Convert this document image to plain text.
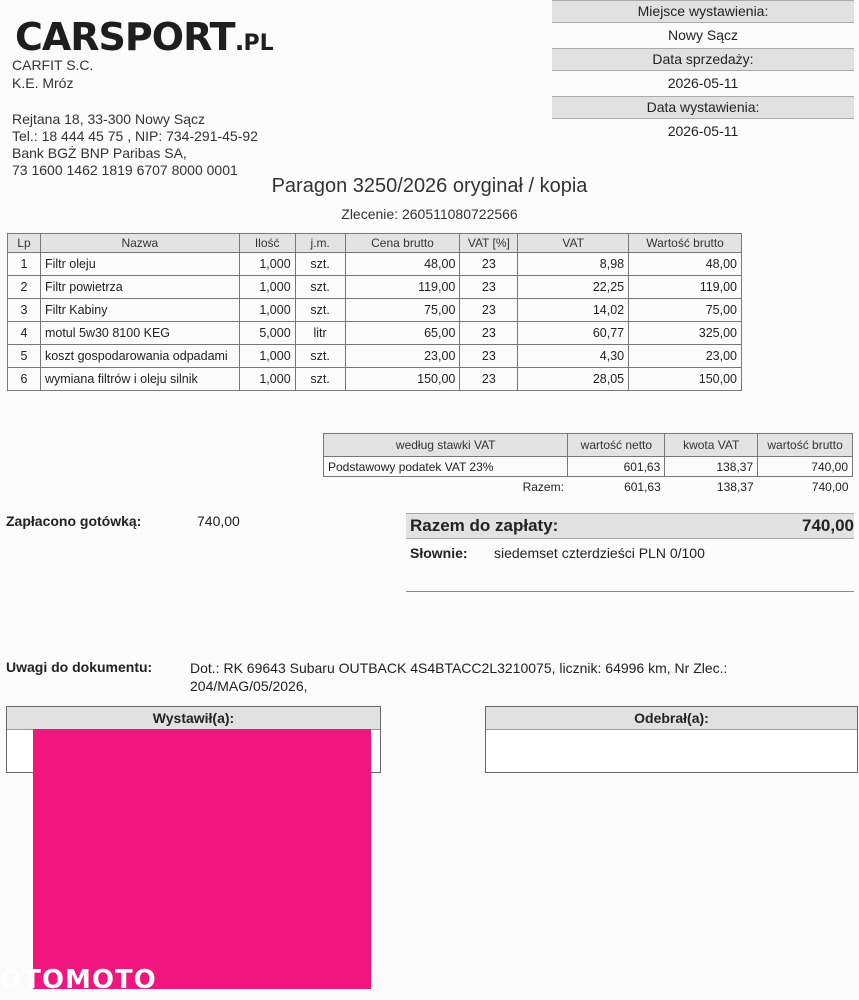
CARSPORT.PL
CARFIT S.C.
K.E. Mróz
Rejtana 18, 33-300 Nowy Sącz
Tel.: 18 444 45 75 , NIP: 734-291-45-92
Bank BGŻ BNP Paribas SA,
73 1600 1462 1819 6707 8000 0001
Miejsce wystawienia:
Nowy Sącz
Data sprzedaży:
2026-05-11
Data wystawienia:
2026-05-11
Paragon 3250/2026 oryginał / kopia
Zlecenie: 260511080722566
Lp	Nazwa	Ilość	j.m.	Cena brutto	VAT [%]	VAT	Wartość brutto
1	Filtr oleju	1,000	szt.	48,00	23	8,98	48,00
2	Filtr powietrza	1,000	szt.	119,00	23	22,25	119,00
3	Filtr Kabiny	1,000	szt.	75,00	23	14,02	75,00
4	motul 5w30 8100 KEG	5,000	litr	65,00	23	60,77	325,00
5	koszt gospodarowania odpadami	1,000	szt.	23,00	23	4,30	23,00
6	wymiana filtrów i oleju silnik	1,000	szt.	150,00	23	28,05	150,00
według stawki VAT	wartość netto	kwota VAT	wartość brutto
Podstawowy podatek VAT 23%	601,63	138,37	740,00
Razem:	601,63	138,37	740,00
Zapłacono gotówką:	740,00	Razem do zapłaty:	740,00
Słownie: siedemset czterdzieści PLN 0/100
Uwagi do dokumentu:	Dot.: RK 69643 Subaru OUTBACK 4S4BTACC2L3210075, licznik: 64996 km, Nr Zlec.: 204/MAG/05/2026,
Wystawił(a):	Odebrał(a):
OTOMOTO
